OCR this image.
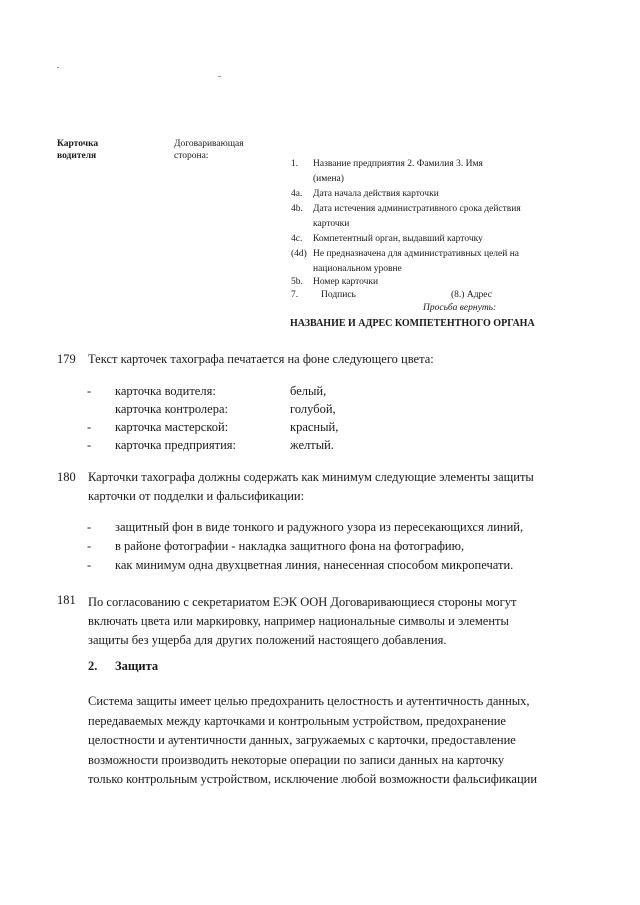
Карточка водителя
Договаривающая сторона:
1. Название предприятия 2. Фамилия 3. Имя
(имена)
4a. Дата начала действия карточки
4b. Дата истечения административного срока действия
карточки
4c. Компетентный орган, выдавший карточку
(4d) Не предназначена для административных целей на
национальном уровне
5b. Номер карточки
7. Подпись	(8.) Адрес
Просьба вернуть:
НАЗВАНИЕ И АДРЕС КОМПЕТЕНТНОГО ОРГАНА
179 Текст карточек тахографа печатается на фоне следующего цвета:
- карточка водителя:	белый,
карточка контролера:	голубой,
- карточка мастерской:	красный,
- карточка предприятия:	желтый.
180 Карточки тахографа должны содержать как минимум следующие элементы защиты
карточки от подделки и фальсификации:
- защитный фон в виде тонкого и радужного узора из пересекающихся линий,
- в районе фотографии - накладка защитного фона на фотографию,
- как минимум одна двухцветная линия, нанесенная способом микропечати.
181 По согласованию с секретариатом ЕЭК ООН Договаривающиеся стороны могут
включать цвета или маркировку, например национальные символы и элементы
защиты без ущерба для других положений настоящего добавления.
2. Защита
Система защиты имеет целью предохранить целостность и аутентичность данных,
передаваемых между карточками и контрольным устройством, предохранение
целостности и аутентичности данных, загружаемых с карточки, предоставление
возможности производить некоторые операции по записи данных на карточку
только контрольным устройством, исключение любой возможности фальсификации
